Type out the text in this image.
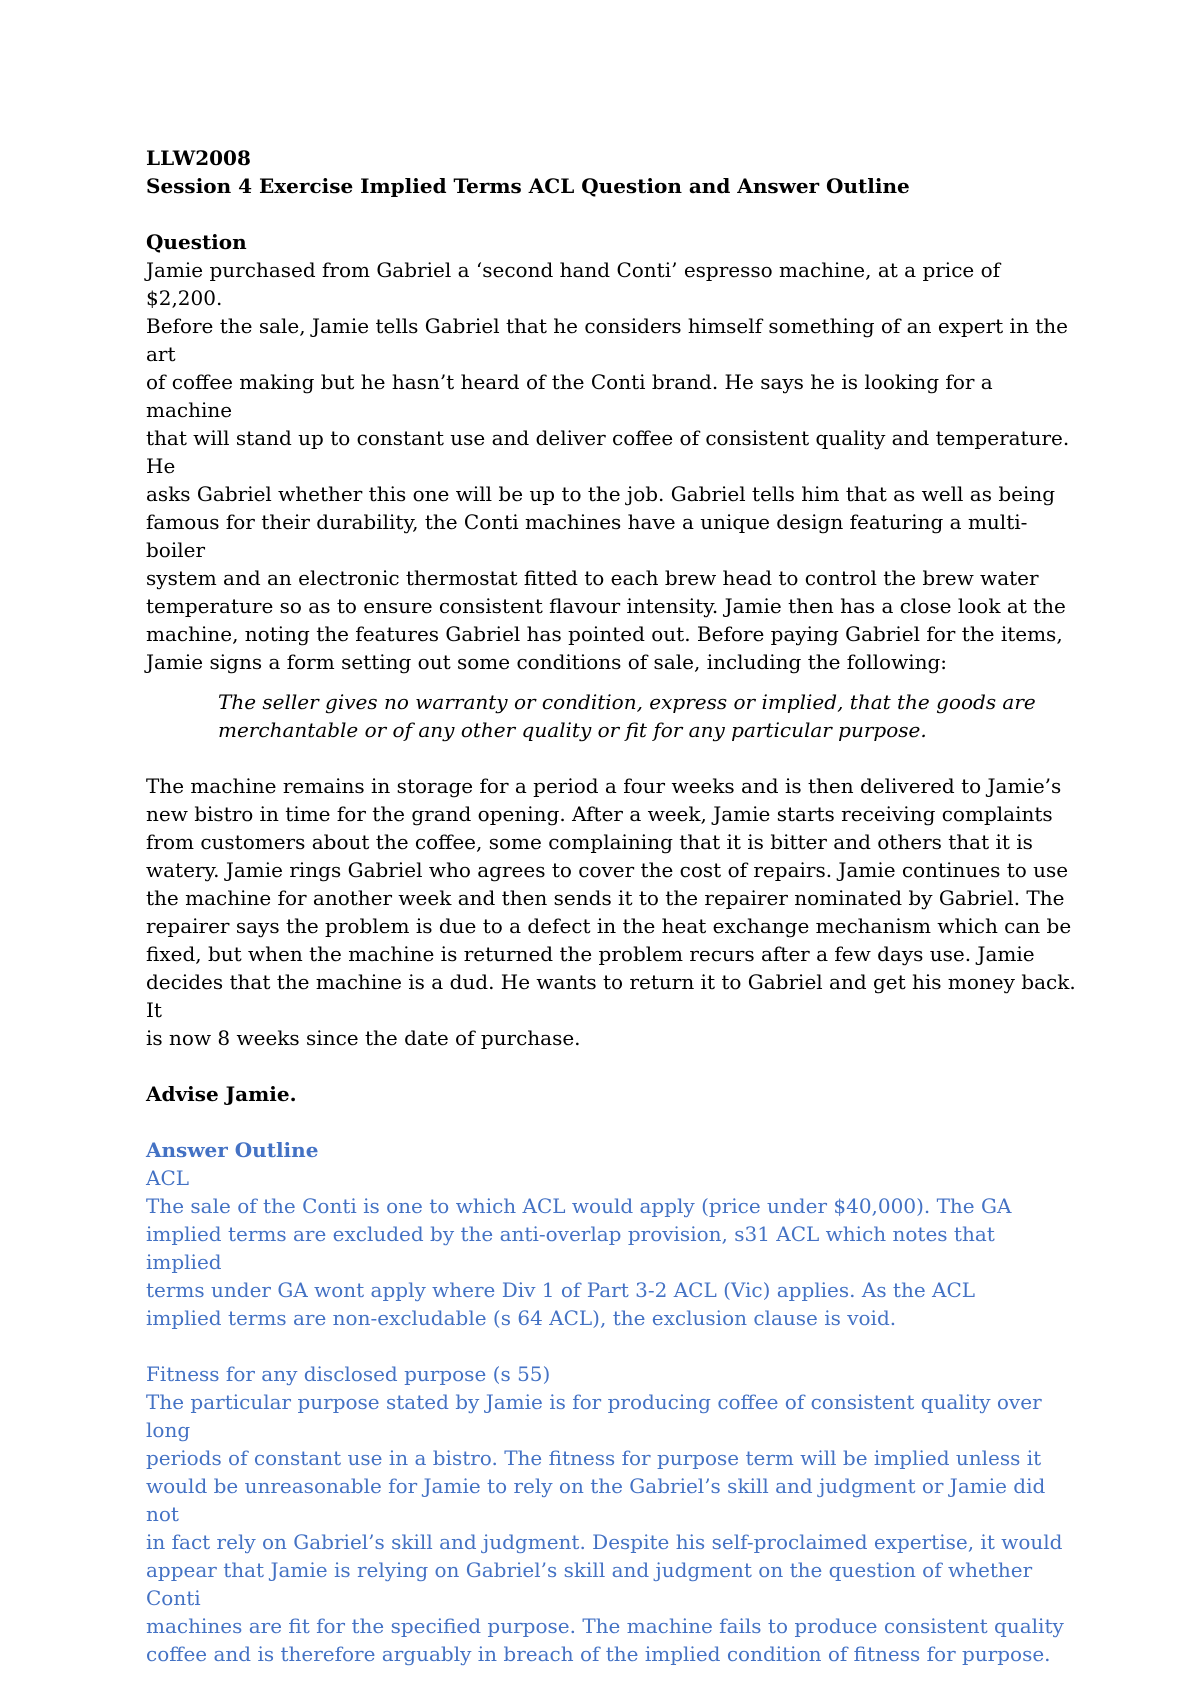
LLW2008

Session 4 Exercise Implied Terms ACL Question and Answer Outline

Question

Jamie purchased from Gabriel a ‘second hand Conti’ espresso machine, at a price of $2,200.
Before the sale, Jamie tells Gabriel that he considers himself something of an expert in the art
of coffee making but he hasn’t heard of the Conti brand. He says he is looking for a machine
that will stand up to constant use and deliver coffee of consistent quality and temperature. He
asks Gabriel whether this one will be up to the job. Gabriel tells him that as well as being
famous for their durability, the Conti machines have a unique design featuring a multi-boiler
system and an electronic thermostat fitted to each brew head to control the brew water
temperature so as to ensure consistent flavour intensity. Jamie then has a close look at the
machine, noting the features Gabriel has pointed out. Before paying Gabriel for the items,
Jamie signs a form setting out some conditions of sale, including the following:

The seller gives no warranty or condition, express or implied, that the goods are
merchantable or of any other quality or fit for any particular purpose.

The machine remains in storage for a period a four weeks and is then delivered to Jamie’s
new bistro in time for the grand opening. After a week, Jamie starts receiving complaints
from customers about the coffee, some complaining that it is bitter and others that it is
watery. Jamie rings Gabriel who agrees to cover the cost of repairs. Jamie continues to use
the machine for another week and then sends it to the repairer nominated by Gabriel. The
repairer says the problem is due to a defect in the heat exchange mechanism which can be
fixed, but when the machine is returned the problem recurs after a few days use. Jamie
decides that the machine is a dud. He wants to return it to Gabriel and get his money back. It
is now 8 weeks since the date of purchase.

Advise Jamie.

Answer Outline

ACL

The sale of the Conti is one to which ACL would apply (price under $40,000). The GA
implied terms are excluded by the anti-overlap provision, s31 ACL which notes that implied
terms under GA wont apply where Div 1 of Part 3-2 ACL (Vic) applies. As the ACL
implied terms are non-excludable (s 64 ACL), the exclusion clause is void.

Fitness for any disclosed purpose (s 55)

The particular purpose stated by Jamie is for producing coffee of consistent quality over long
periods of constant use in a bistro. The fitness for purpose term will be implied unless it
would be unreasonable for Jamie to rely on the Gabriel’s skill and judgment or Jamie did not
in fact rely on Gabriel’s skill and judgment. Despite his self-proclaimed expertise, it would
appear that Jamie is relying on Gabriel’s skill and judgment on the question of whether Conti
machines are fit for the specified purpose. The machine fails to produce consistent quality
coffee and is therefore arguably in breach of the implied condition of fitness for purpose.
